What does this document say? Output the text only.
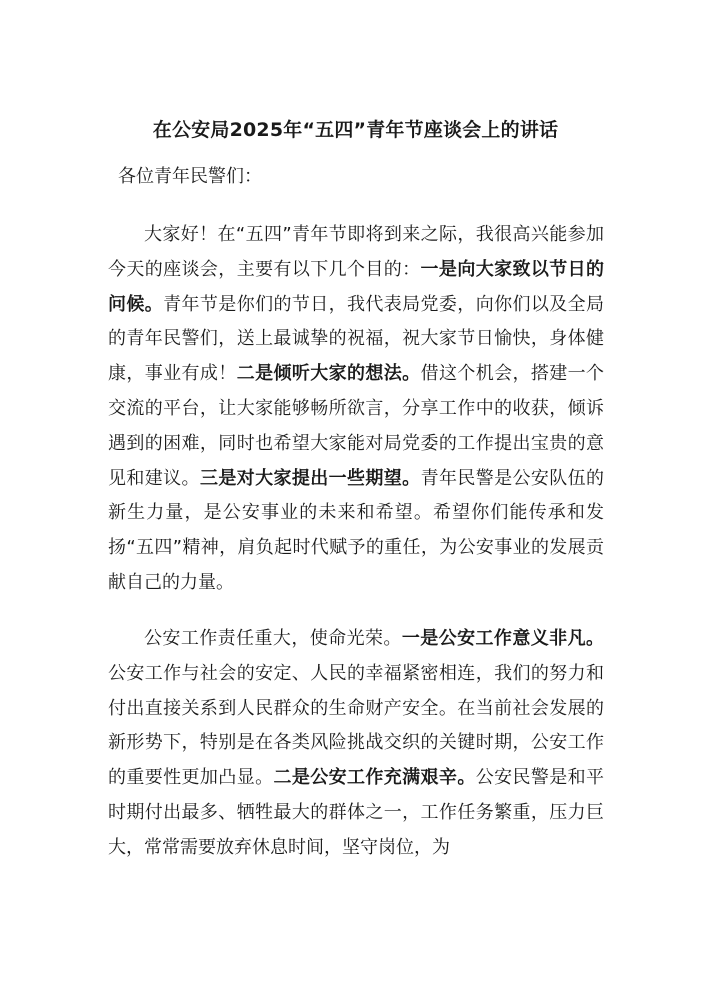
在公安局2025年“五四”青年节座谈会上的讲话
各位青年民警们：
大家好！在“五四”青年节即将到来之际，我很高兴能参加今天的座谈会，主要有以下几个目的：一是向大家致以节日的问候。青年节是你们的节日，我代表局党委，向你们以及全局的青年民警们，送上最诚挚的祝福，祝大家节日愉快，身体健康，事业有成！二是倾听大家的想法。借这个机会，搭建一个交流的平台，让大家能够畅所欲言，分享工作中的收获，倾诉遇到的困难，同时也希望大家能对局党委的工作提出宝贵的意见和建议。三是对大家提出一些期望。青年民警是公安队伍的新生力量，是公安事业的未来和希望。希望你们能传承和发扬“五四”精神，肩负起时代赋予的重任，为公安事业的发展贡献自己的力量。
公安工作责任重大，使命光荣。一是公安工作意义非凡。公安工作与社会的安定、人民的幸福紧密相连，我们的努力和付出直接关系到人民群众的生命财产安全。在当前社会发展的新形势下，特别是在各类风险挑战交织的关键时期，公安工作的重要性更加凸显。二是公安工作充满艰辛。公安民警是和平时期付出最多、牺牲最大的群体之一，工作任务繁重，压力巨大，常常需要放弃休息时间，坚守岗位，为
